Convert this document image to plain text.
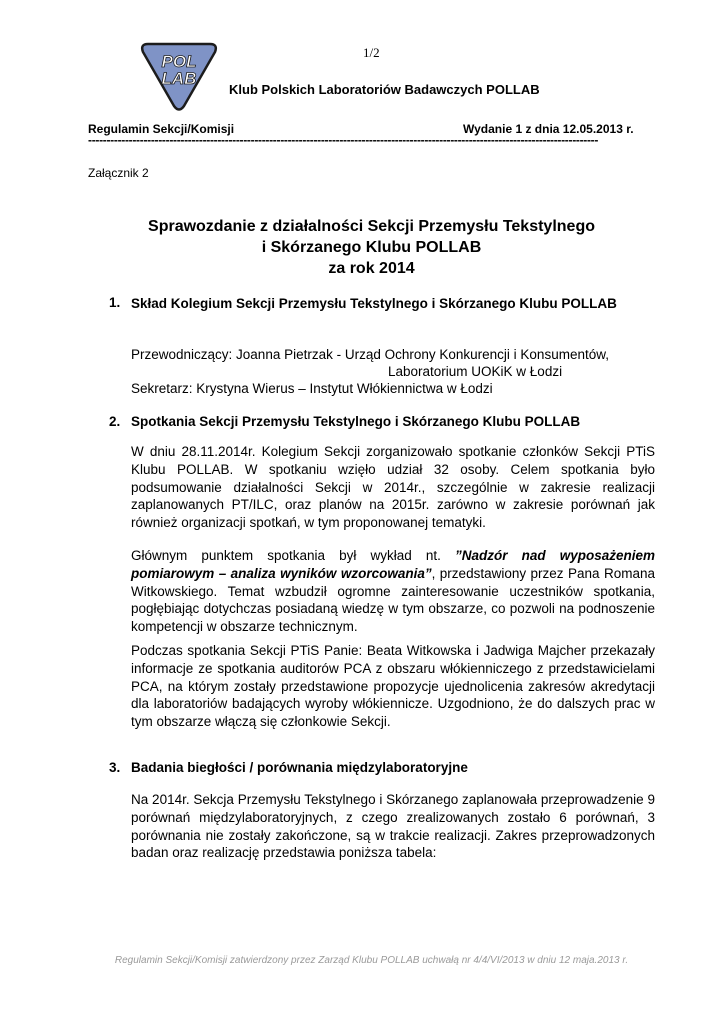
POL
LAB
1/2
Klub Polskich Laboratoriów Badawczych POLLAB
Regulamin Sekcji/Komisji	Wydanie 1 z dnia 12.05.2013 r.
------------------------------------------------------------------------------------------------------------------------------------------
Załącznik 2
Sprawozdanie z działalności Sekcji Przemysłu Tekstylnego
i Skórzanego Klubu POLLAB
za rok 2014
1. Skład Kolegium Sekcji Przemysłu Tekstylnego i Skórzanego Klubu POLLAB
Przewodniczący: Joanna Pietrzak - Urząd Ochrony Konkurencji i Konsumentów,
Laboratorium UOKiK w Łodzi
Sekretarz: Krystyna Wierus – Instytut Włókiennictwa w Łodzi
2. Spotkania Sekcji Przemysłu Tekstylnego i Skórzanego Klubu POLLAB
W dniu 28.11.2014r. Kolegium Sekcji zorganizowało spotkanie członków Sekcji PTiS Klubu POLLAB. W spotkaniu wzięło udział 32 osoby. Celem spotkania było podsumowanie działalności Sekcji w 2014r., szczególnie w zakresie realizacji zaplanowanych PT/ILC, oraz planów na 2015r. zarówno w zakresie porównań jak również organizacji spotkań, w tym proponowanej tematyki.
Głównym punktem spotkania był wykład nt. ”Nadzór nad wyposażeniem pomiarowym – analiza wyników wzorcowania”, przedstawiony przez Pana Romana Witkowskiego. Temat wzbudził ogromne zainteresowanie uczestników spotkania, pogłębiając dotychczas posiadaną wiedzę w tym obszarze, co pozwoli na podnoszenie kompetencji w obszarze technicznym.
Podczas spotkania Sekcji PTiS Panie: Beata Witkowska i Jadwiga Majcher przekazały informacje ze spotkania auditorów PCA z obszaru włókienniczego z przedstawicielami PCA, na którym zostały przedstawione propozycje ujednolicenia zakresów akredytacji dla laboratoriów badających wyroby włókiennicze. Uzgodniono, że do dalszych prac w tym obszarze włączą się członkowie Sekcji.
3. Badania biegłości / porównania międzylaboratoryjne
Na 2014r. Sekcja Przemysłu Tekstylnego i Skórzanego zaplanowała przeprowadzenie 9 porównań międzylaboratoryjnych, z czego zrealizowanych zostało 6 porównań, 3 porównania nie zostały zakończone, są w trakcie realizacji. Zakres przeprowadzonych badan oraz realizację przedstawia poniższa tabela:
Regulamin Sekcji/Komisji zatwierdzony przez Zarząd Klubu POLLAB uchwałą nr 4/4/VI/2013 w dniu 12 maja.2013 r.
